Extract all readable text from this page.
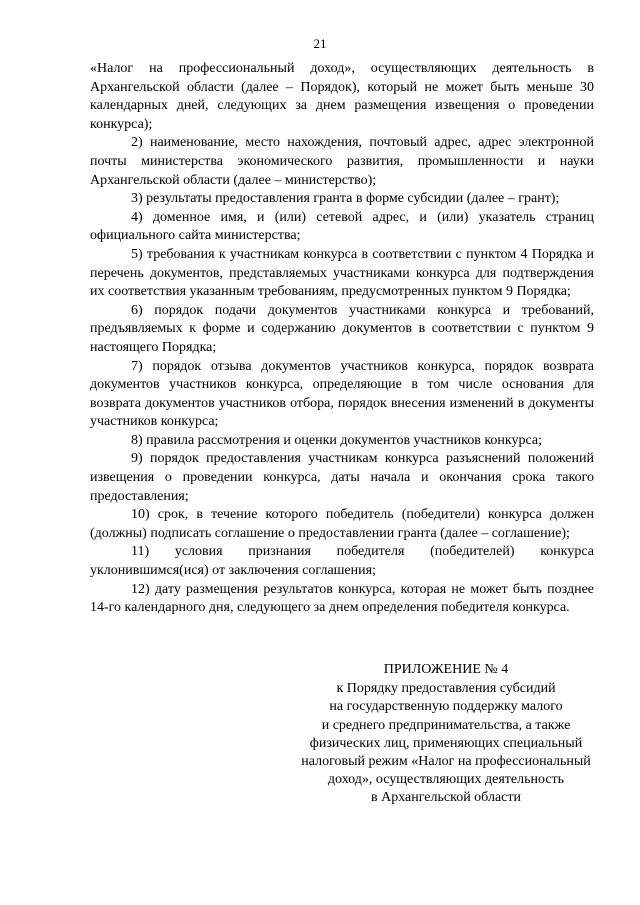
21

«Налог на профессиональный доход», осуществляющих деятельность в Архангельской области (далее – Порядок), который не может быть меньше 30 календарных дней, следующих за днем размещения извещения о проведении конкурса);

2) наименование, место нахождения, почтовый адрес, адрес электронной почты министерства экономического развития, промышленности и науки Архангельской области (далее – министерство);

3) результаты предоставления гранта в форме субсидии (далее – грант);

4) доменное имя, и (или) сетевой адрес, и (или) указатель страниц официального сайта министерства;

5) требования к участникам конкурса в соответствии с пунктом 4 Порядка и перечень документов, представляемых участниками конкурса для подтверждения их соответствия указанным требованиям, предусмотренных пунктом 9 Порядка;

6) порядок подачи документов участниками конкурса и требований, предъявляемых к форме и содержанию документов в соответствии с пунктом 9 настоящего Порядка;

7) порядок отзыва документов участников конкурса, порядок возврата документов участников конкурса, определяющие в том числе основания для возврата документов участников отбора, порядок внесения изменений в документы участников конкурса;

8) правила рассмотрения и оценки документов участников конкурса;

9) порядок предоставления участникам конкурса разъяснений положений извещения о проведении конкурса, даты начала и окончания срока такого предоставления;

10) срок, в течение которого победитель (победители) конкурса должен (должны) подписать соглашение о предоставлении гранта (далее – соглашение);

11) условия признания победителя (победителей) конкурса уклонившимся(ися) от заключения соглашения;

12) дату размещения результатов конкурса, которая не может быть позднее 14-го календарного дня, следующего за днем определения победителя конкурса.

ПРИЛОЖЕНИЕ № 4
к Порядку предоставления субсидий
на государственную поддержку малого
и среднего предпринимательства, а также
физических лиц, применяющих специальный
налоговый режим «Налог на профессиональный
доход», осуществляющих деятельность
в Архангельской области
